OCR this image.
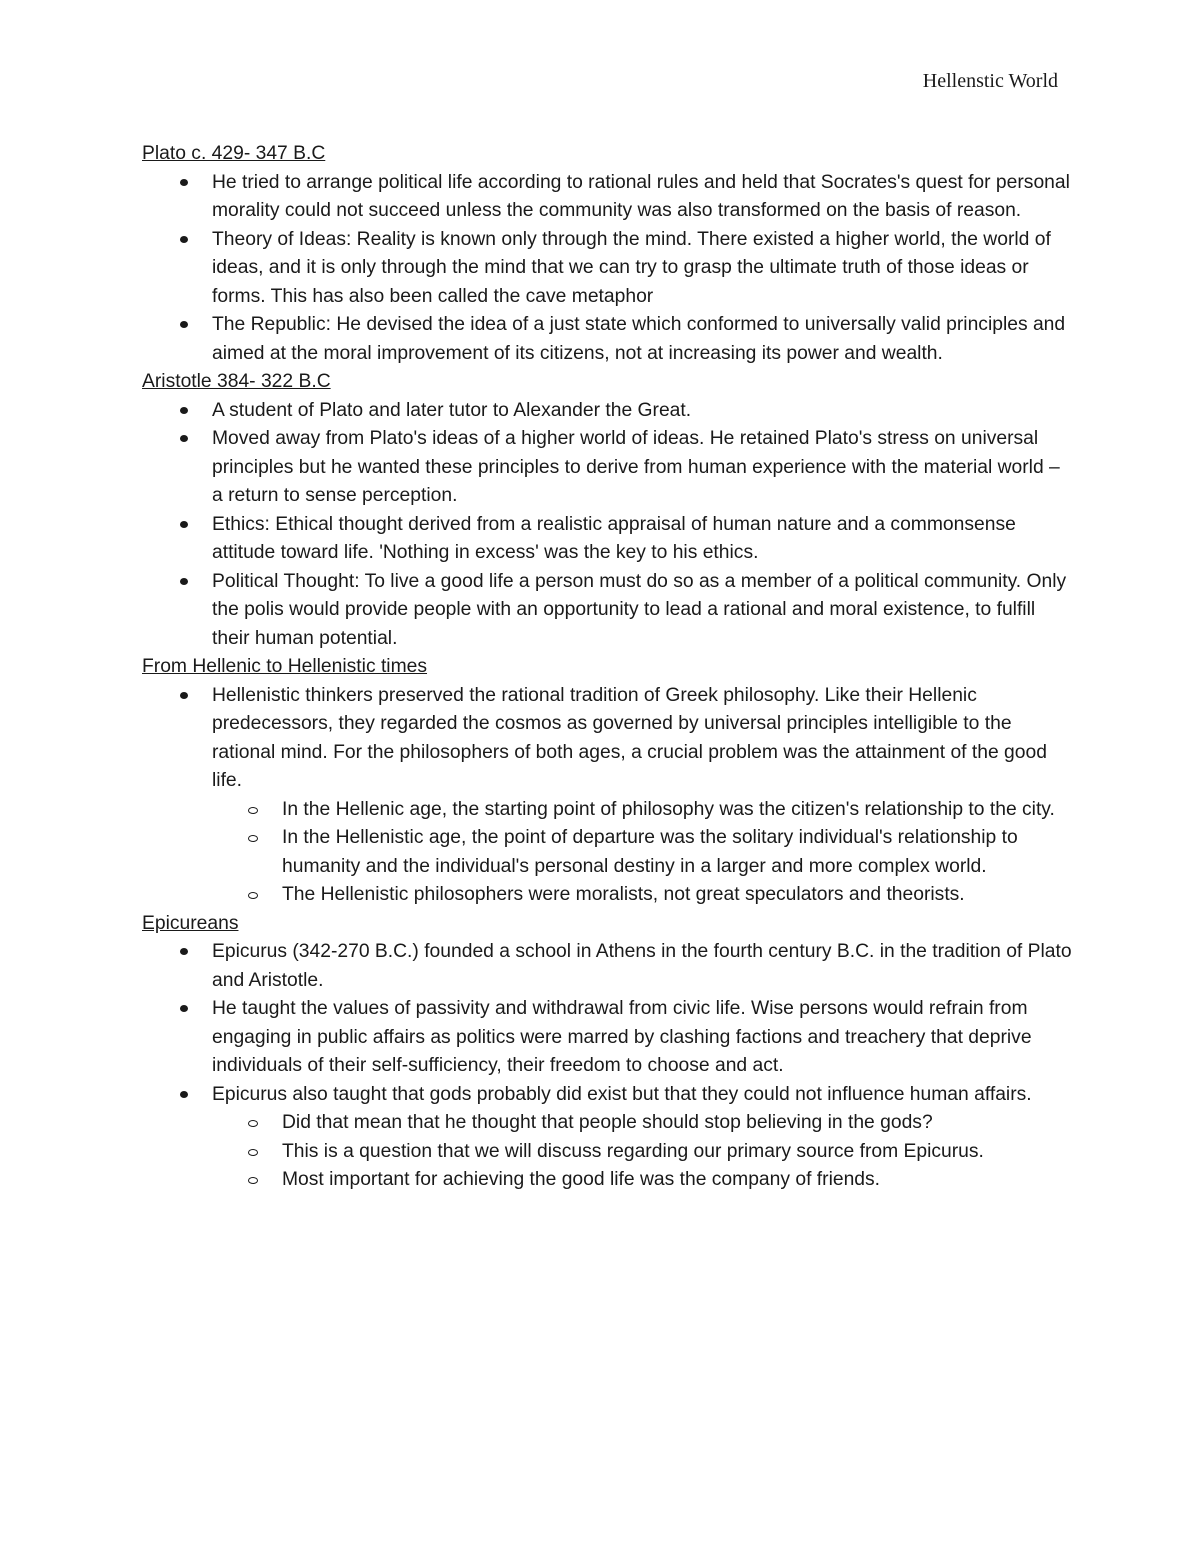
Hellenstic World

Plato c. 429- 347 B.C

He tried to arrange political life according to rational rules and held that Socrates's quest for personal morality could not succeed unless the community was also transformed on the basis of reason.
Theory of Ideas: Reality is known only through the mind. There existed a higher world, the world of ideas, and it is only through the mind that we can try to grasp the ultimate truth of those ideas or forms. This has also been called the cave metaphor
The Republic: He devised the idea of a just state which conformed to universally valid principles and aimed at the moral improvement of its citizens, not at increasing its power and wealth.

Aristotle 384- 322 B.C

A student of Plato and later tutor to Alexander the Great.
Moved away from Plato's ideas of a higher world of ideas. He retained Plato's stress on universal principles but he wanted these principles to derive from human experience with the material world – a return to sense perception.
Ethics: Ethical thought derived from a realistic appraisal of human nature and a commonsense attitude toward life. 'Nothing in excess' was the key to his ethics.
Political Thought: To live a good life a person must do so as a member of a political community. Only the polis would provide people with an opportunity to lead a rational and moral existence, to fulfill their human potential.

From Hellenic to Hellenistic times

Hellenistic thinkers preserved the rational tradition of Greek philosophy. Like their Hellenic predecessors, they regarded the cosmos as governed by universal principles intelligible to the rational mind. For the philosophers of both ages, a crucial problem was the attainment of the good life.
In the Hellenic age, the starting point of philosophy was the citizen's relationship to the city.
In the Hellenistic age, the point of departure was the solitary individual's relationship to humanity and the individual's personal destiny in a larger and more complex world.
The Hellenistic philosophers were moralists, not great speculators and theorists.

Epicureans

Epicurus (342-270 B.C.) founded a school in Athens in the fourth century B.C. in the tradition of Plato and Aristotle.
He taught the values of passivity and withdrawal from civic life. Wise persons would refrain from engaging in public affairs as politics were marred by clashing factions and treachery that deprive individuals of their self-sufficiency, their freedom to choose and act.
Epicurus also taught that gods probably did exist but that they could not influence human affairs.
Did that mean that he thought that people should stop believing in the gods?
This is a question that we will discuss regarding our primary source from Epicurus.
Most important for achieving the good life was the company of friends.
